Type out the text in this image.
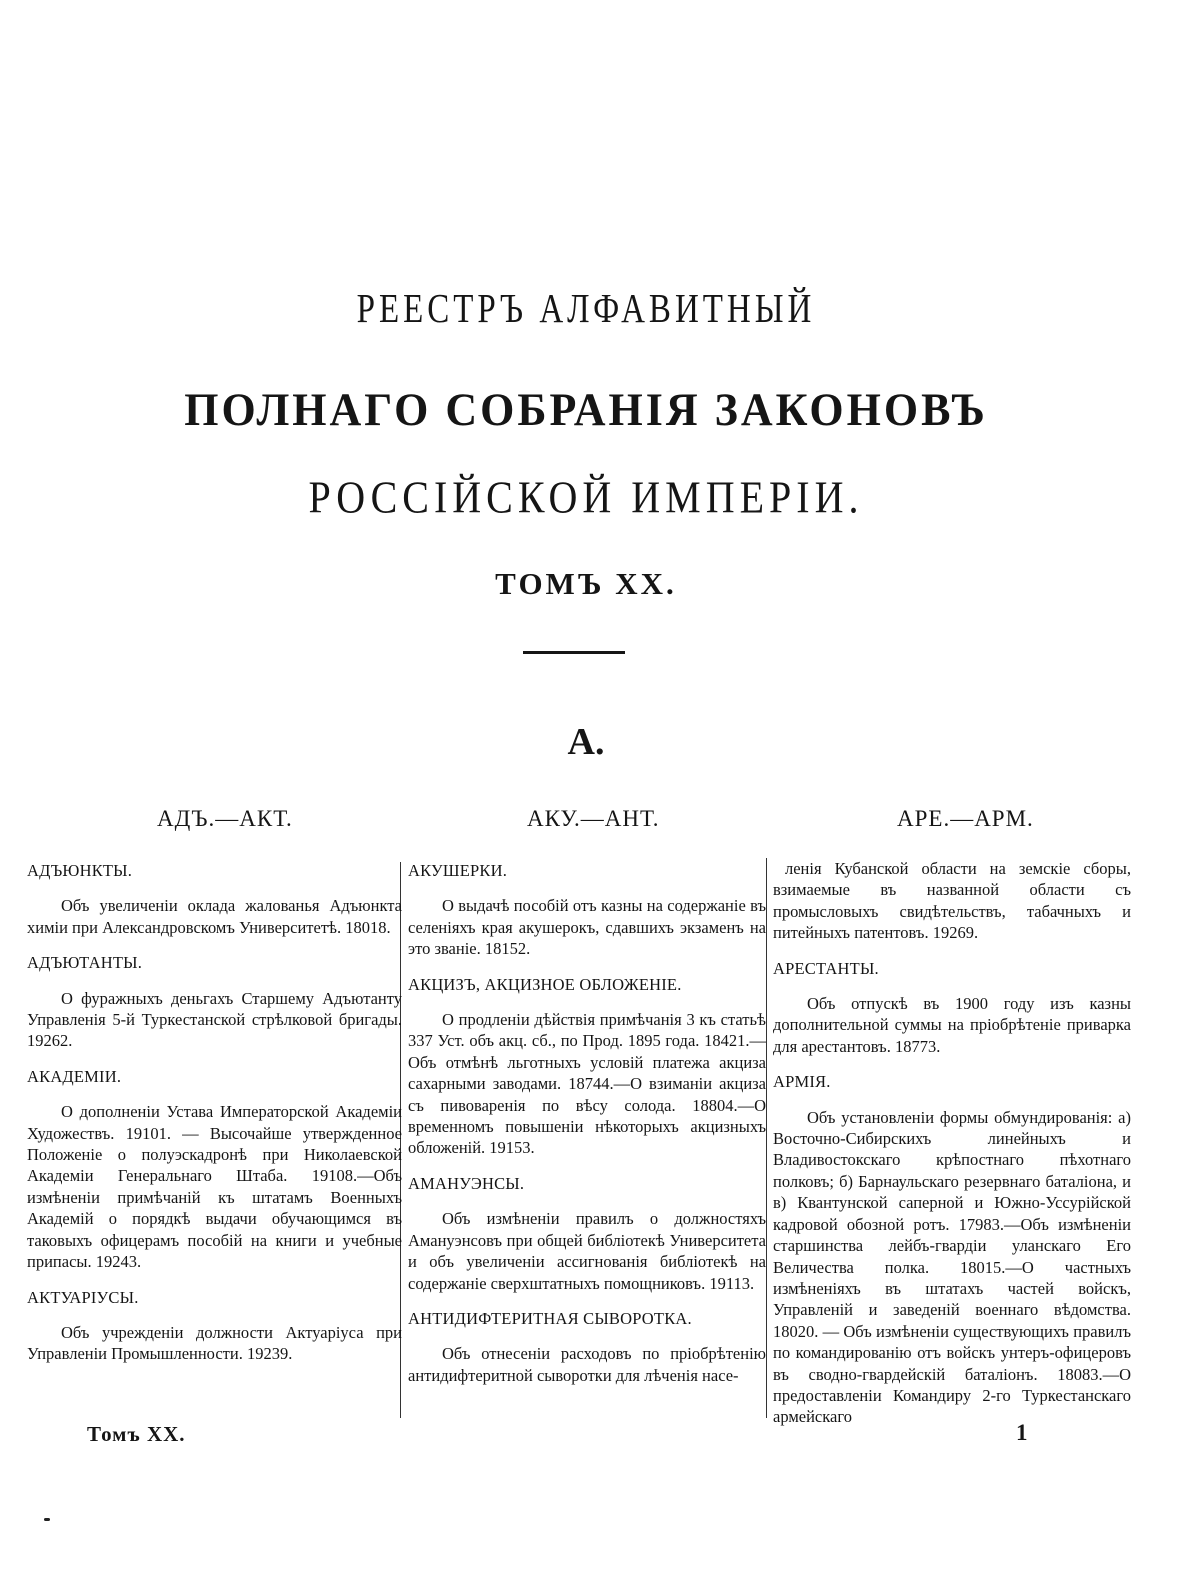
РЕЕСТРЪ АЛФАВИТНЫЙ
ПОЛНАГО СОБРАНІЯ ЗАКОНОВЪ
РОССІЙСКОЙ ИМПЕРІИ.
ТОМЪ XX.
А.
АДЪ.—АКТ.	АКУ.—АНТ.	АРЕ.—АРМ.
АДЪЮНКТЫ.

Объ увеличеніи оклада жалованья Адъюнкта химіи при Александровскомъ Университетѣ. 18018.

АДЪЮТАНТЫ.

О фуражныхъ деньгахъ Старшему Адъютанту Управленія 5-й Туркестанской стрѣлковой бригады. 19262.

АКАДЕМІИ.

О дополненіи Устава Императорской Академіи Художествъ. 19101. — Высочайше утвержденное Положеніе о полуэскадронѣ при Николаевской Академіи Генеральнаго Штаба. 19108.—Объ измѣненіи примѣчаній къ штатамъ Военныхъ Академій о порядкѣ выдачи обучающимся въ таковыхъ офицерамъ пособій на книги и учебные припасы. 19243.

АКТУАРІУСЫ.

Объ учрежденіи должности Актуаріуса при Управленіи Промышленности. 19239.

АКУШЕРКИ.

О выдачѣ пособій отъ казны на содержаніе въ селеніяхъ края акушерокъ, сдавшихъ экзаменъ на это званіе. 18152.

АКЦИЗЪ, АКЦИЗНОЕ ОБЛОЖЕНІЕ.

О продленіи дѣйствія примѣчанія 3 къ статьѣ 337 Уст. объ акц. сб., по Прод. 1895 года. 18421.—Объ отмѣнѣ льготныхъ условій платежа акциза сахарными заводами. 18744.—О взиманіи акциза съ пивоваренія по вѣсу солода. 18804.—О временномъ повышеніи нѣкоторыхъ акцизныхъ обложеній. 19153.

АМАНУЭНСЫ.

Объ измѣненіи правилъ о должностяхъ Амануэнсовъ при общей библіотекѣ Университета и объ увеличеніи ассигнованія библіотекѣ на содержаніе сверхштатныхъ помощниковъ. 19113.

АНТИДИФТЕРИТНАЯ СЫВОРОТКА.

Объ отнесеніи расходовъ по пріобрѣтенію антидифтеритной сыворотки для лѣченія насе-

ленія Кубанской области на земскіе сборы, взимаемые въ названной области съ промысловыхъ свидѣтельствъ, табачныхъ и питейныхъ патентовъ. 19269.

АРЕСТАНТЫ.

Объ отпускѣ въ 1900 году изъ казны дополнительной суммы на пріобрѣтеніе приварка для арестантовъ. 18773.

АРМІЯ.

Объ установленіи формы обмундированія: а) Восточно-Сибирскихъ линейныхъ и Владивостокскаго крѣпостнаго пѣхотнаго полковъ; б) Барнаульскаго резервнаго баталіона, и в) Квантунской саперной и Южно-Уссурійской кадровой обозной ротъ. 17983.—Объ измѣненіи старшинства лейбъ-гвардіи уланскаго Его Величества полка. 18015.—О частныхъ измѣненіяхъ въ штатахъ частей войскъ, Управленій и заведеній военнаго вѣдомства. 18020. — Объ измѣненіи существующихъ правилъ по командированію отъ войскъ унтеръ-офицеровъ въ сводно-гвардейскій баталіонъ. 18083.—О предоставленіи Командиру 2-го Туркестанскаго армейскаго

Томъ XX.	1
